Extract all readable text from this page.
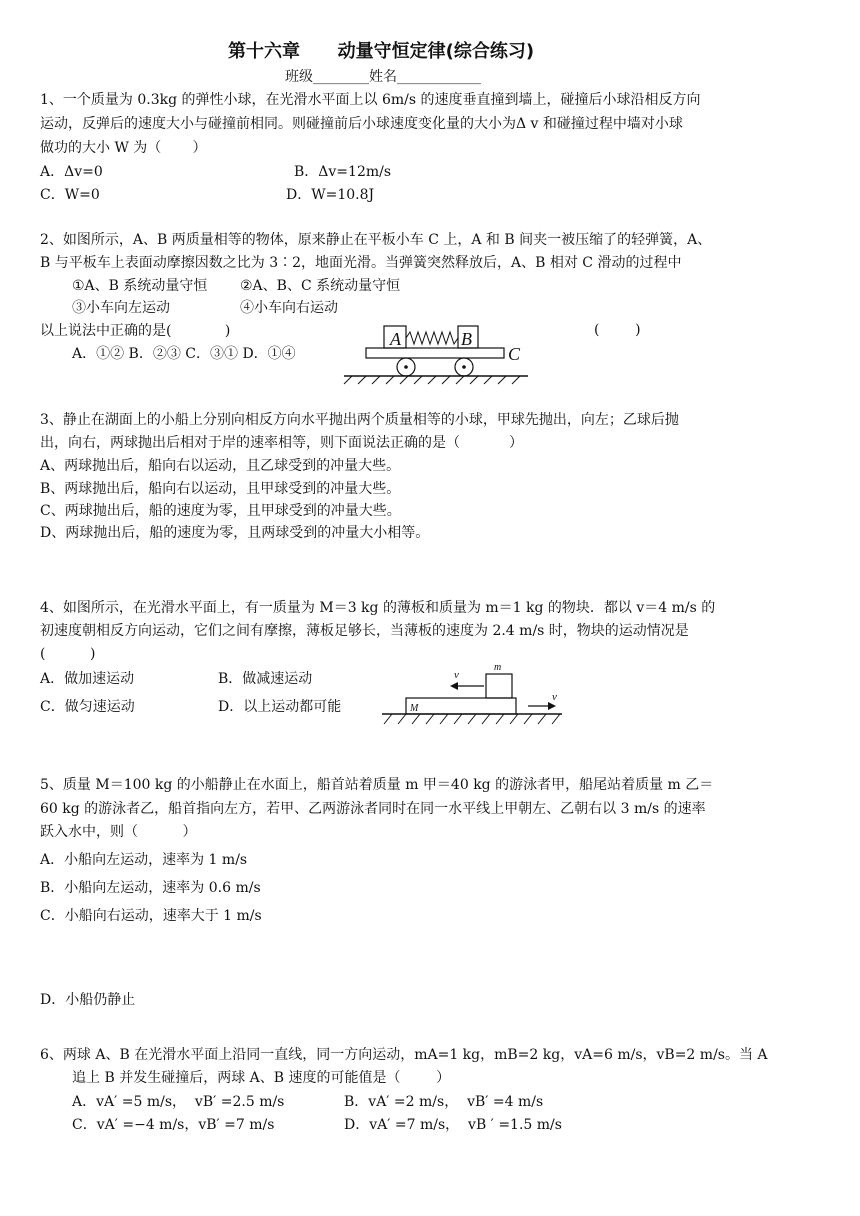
第十六章      动量守恒定律(综合练习)
班级________姓名____________
1、一个质量为 0.3kg 的弹性小球，在光滑水平面上以 6m/s 的速度垂直撞到墙上，碰撞后小球沿相反方向
运动，反弹后的速度大小与碰撞前相同。则碰撞前后小球速度变化量的大小为Δ v 和碰撞过程中墙对小球
做功的大小 W 为（       ）
A．Δv=0	B．Δv=12m/s
C．W=0	D．W=10.8J
2、如图所示，A、B 两质量相等的物体，原来静止在平板小车 C 上，A 和 B 间夹一被压缩了的轻弹簧，A、
B 与平板车上表面动摩擦因数之比为 3∶2，地面光滑。当弹簧突然释放后，A、B 相对 C 滑动的过程中
①A、B 系统动量守恒 ②A、B、C 系统动量守恒
③小车向左运动	④小车向右运动
以上说法中正确的是(            )	(        )
A．①② B．②③ C．③① D．①④
A	B
C
3、静止在湖面上的小船上分别向相反方向水平抛出两个质量相等的小球，甲球先抛出，向左；乙球后抛
出，向右，两球抛出后相对于岸的速率相等，则下面说法正确的是（           ）
A、两球抛出后，船向右以运动，且乙球受到的冲量大些。
B、两球抛出后，船向右以运动，且甲球受到的冲量大些。
C、两球抛出后，船的速度为零，且甲球受到的冲量大些。
D、两球抛出后，船的速度为零，且两球受到的冲量大小相等。
4、如图所示，在光滑水平面上，有一质量为 M＝3 kg 的薄板和质量为 m＝1 kg 的物块．都以 v＝4 m/s 的
初速度朝相反方向运动，它们之间有摩擦，薄板足够长，当薄板的速度为 2.4 m/s 时，物块的运动情况是
(          )
A．做加速运动	B．做减速运动
C．做匀速运动	D．以上运动都可能
m
v
M
v
5、质量 M＝100 kg 的小船静止在水面上，船首站着质量 m 甲＝40 kg 的游泳者甲，船尾站着质量 m 乙＝
60 kg 的游泳者乙，船首指向左方，若甲、乙两游泳者同时在同一水平线上甲朝左、乙朝右以 3 m/s 的速率
跃入水中，则（          ）
A．小船向左运动，速率为 1 m/s
B．小船向左运动，速率为 0.6 m/s
C．小船向右运动，速率大于 1 m/s
D．小船仍静止
6、两球 A、B 在光滑水平面上沿同一直线，同一方向运动，mA=1 kg，mB=2 kg，vA=6 m/s，vB=2 m/s。当 A
追上 B 并发生碰撞后，两球 A、B 速度的可能值是（        ）
A．vA′ =5 m/s，  vB′ =2.5 m/s	B．vA′ =2 m/s，  vB′ =4 m/s
C．vA′ =−4 m/s，vB′ =7 m/s	D．vA′ =7 m/s，  vB ′ =1.5 m/s
